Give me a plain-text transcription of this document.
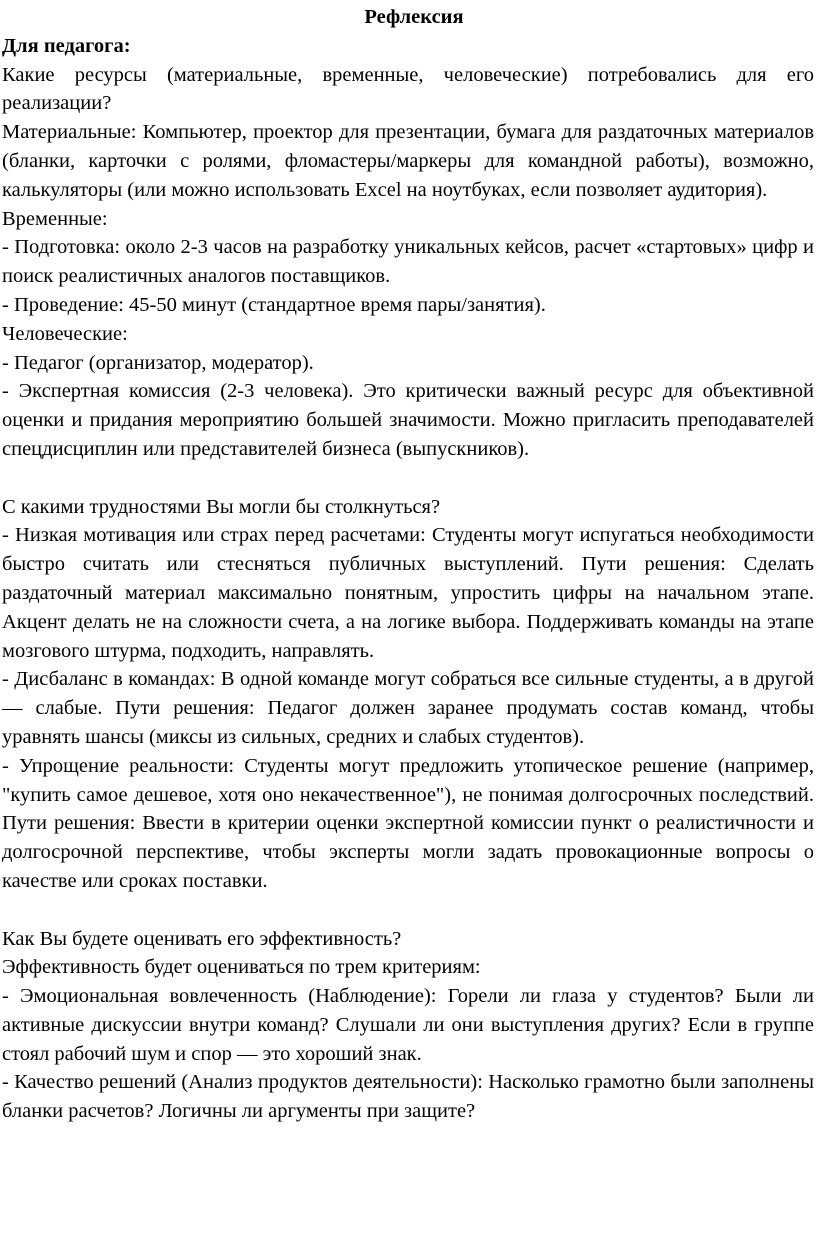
Рефлексия
Для педагога:

Какие ресурсы (материальные, временные, человеческие) потребовались для его реализации?

Материальные: Компьютер, проектор для презентации, бумага для раздаточных материалов (бланки, карточки с ролями, фломастеры/маркеры для командной работы), возможно, калькуляторы (или можно использовать Excel на ноутбуках, если позволяет аудитория).

Временные:

- Подготовка: около 2-3 часов на разработку уникальных кейсов, расчет «стартовых» цифр и поиск реалистичных аналогов поставщиков.

- Проведение: 45-50 минут (стандартное время пары/занятия).

Человеческие:

- Педагог (организатор, модератор).

- Экспертная комиссия (2-3 человека). Это критически важный ресурс для объективной оценки и придания мероприятию большей значимости. Можно пригласить преподавателей спецдисциплин или представителей бизнеса (выпускников).

С какими трудностями Вы могли бы столкнуться?

- Низкая мотивация или страх перед расчетами: Студенты могут испугаться необходимости быстро считать или стесняться публичных выступлений. Пути решения: Сделать раздаточный материал максимально понятным, упростить цифры на начальном этапе. Акцент делать не на сложности счета, а на логике выбора. Поддерживать команды на этапе мозгового штурма, подходить, направлять.

- Дисбаланс в командах: В одной команде могут собраться все сильные студенты, а в другой — слабые. Пути решения: Педагог должен заранее продумать состав команд, чтобы уравнять шансы (миксы из сильных, средних и слабых студентов).

- Упрощение реальности: Студенты могут предложить утопическое решение (например, "купить самое дешевое, хотя оно некачественное"), не понимая долгосрочных последствий. Пути решения: Ввести в критерии оценки экспертной комиссии пункт о реалистичности и долгосрочной перспективе, чтобы эксперты могли задать провокационные вопросы о качестве или сроках поставки.

Как Вы будете оценивать его эффективность?

Эффективность будет оцениваться по трем критериям:

- Эмоциональная вовлеченность (Наблюдение): Горели ли глаза у студентов? Были ли активные дискуссии внутри команд? Слушали ли они выступления других? Если в группе стоял рабочий шум и спор — это хороший знак.

- Качество решений (Анализ продуктов деятельности): Насколько грамотно были заполнены бланки расчетов? Логичны ли аргументы при защите?
